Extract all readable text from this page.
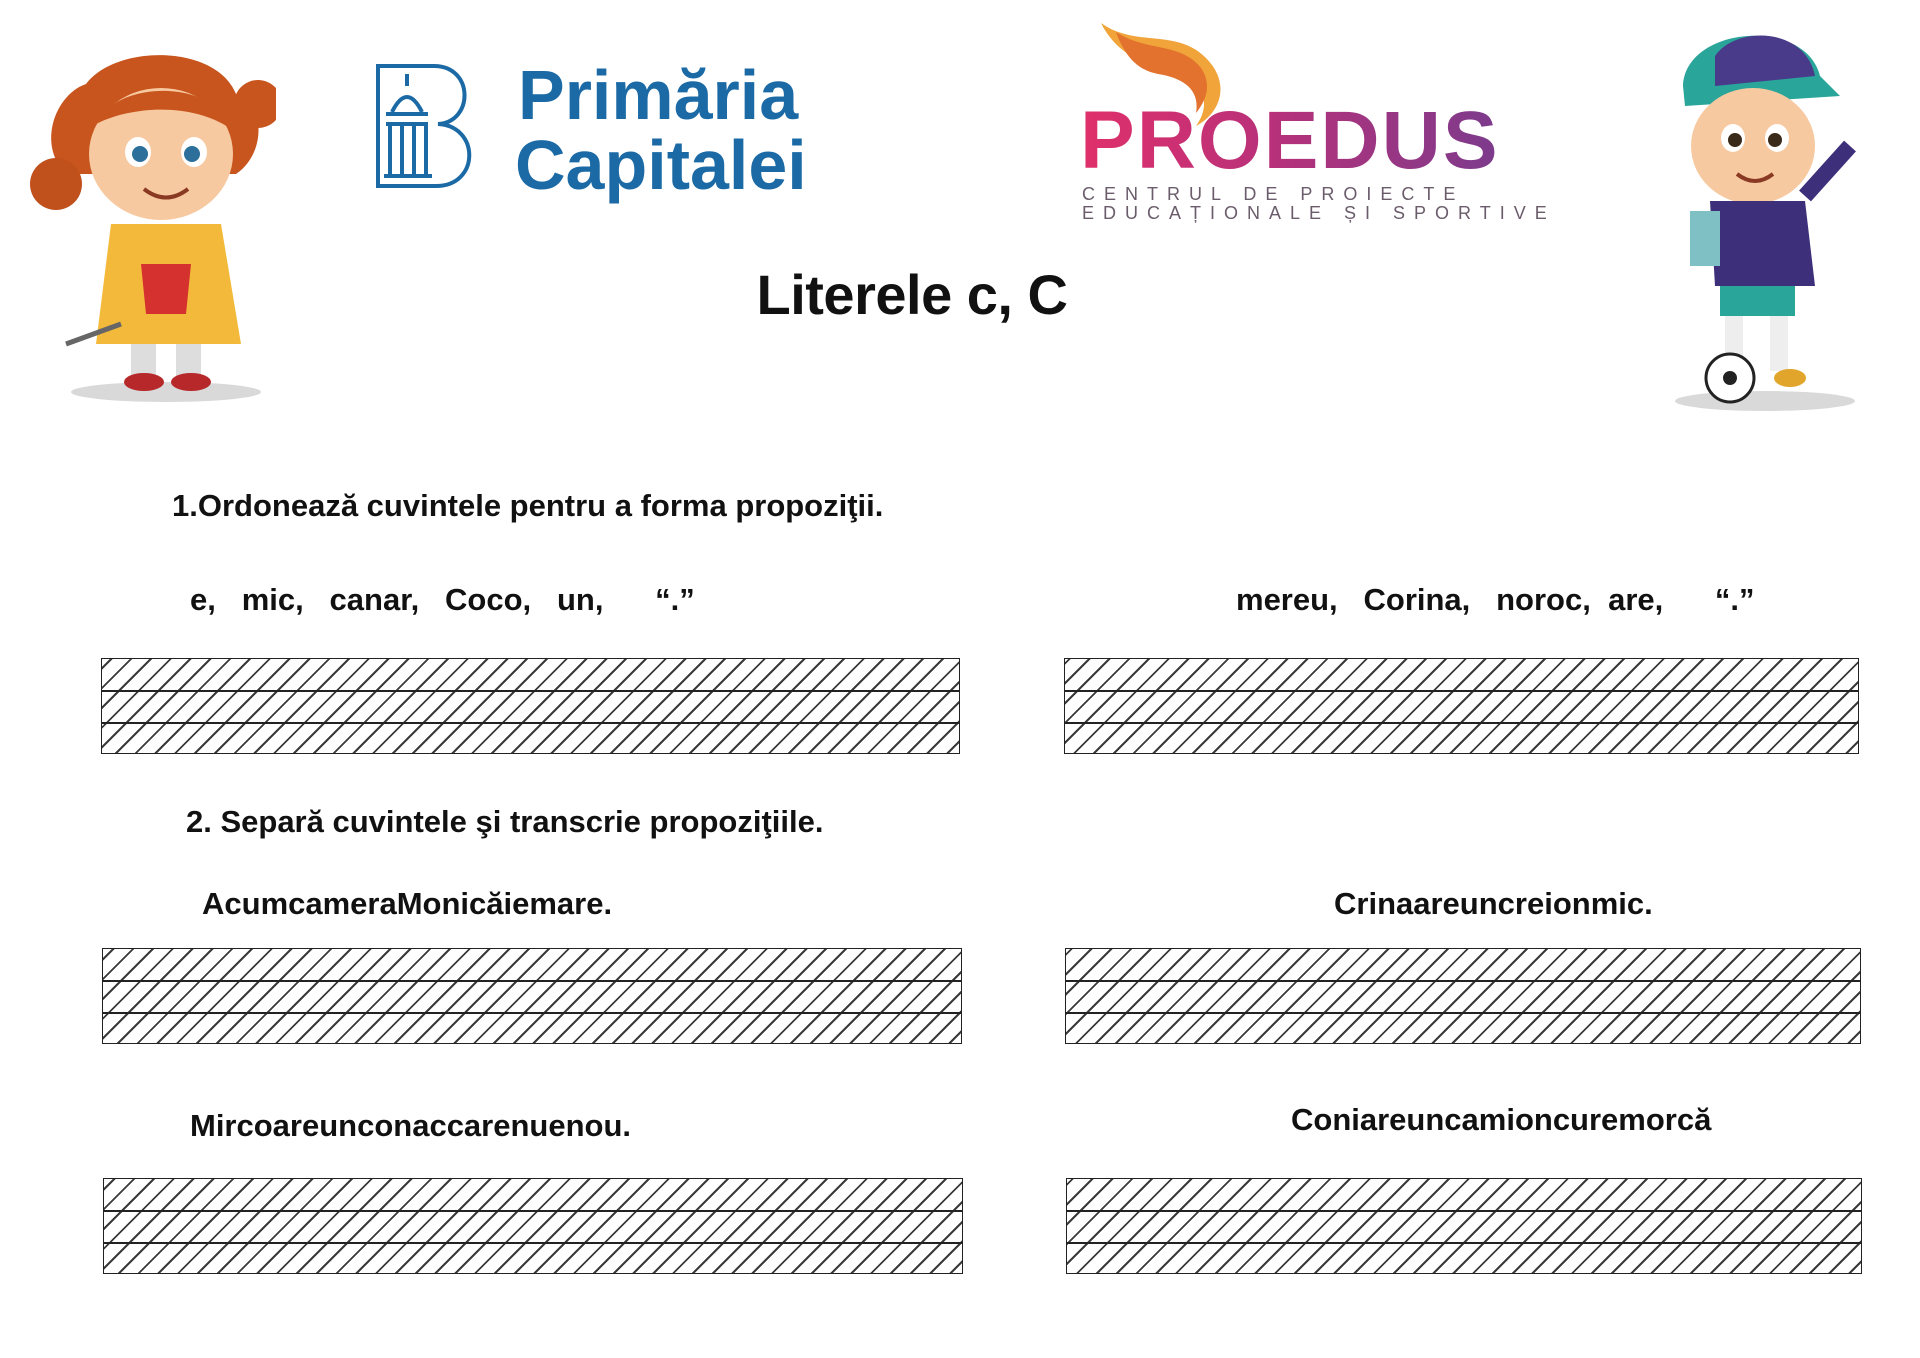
Primăria
Capitalei	PROEDUS
CENTRUL DE PROIECTE
EDUCAȚIONALE ȘI SPORTIVE
Literele c, C
1.Ordonează cuvintele pentru a forma propoziţii.
e,   mic,   canar,   Coco,   un,      “.”	mereu,   Corina,   noroc,  are,      “.”
2. Separă cuvintele şi transcrie propoziţiile.
AcumcameraMonicăiemare.	Crinaareuncreionmic.
Mircoareunconaccarenuenou.	Coniareuncamioncuremorcă
